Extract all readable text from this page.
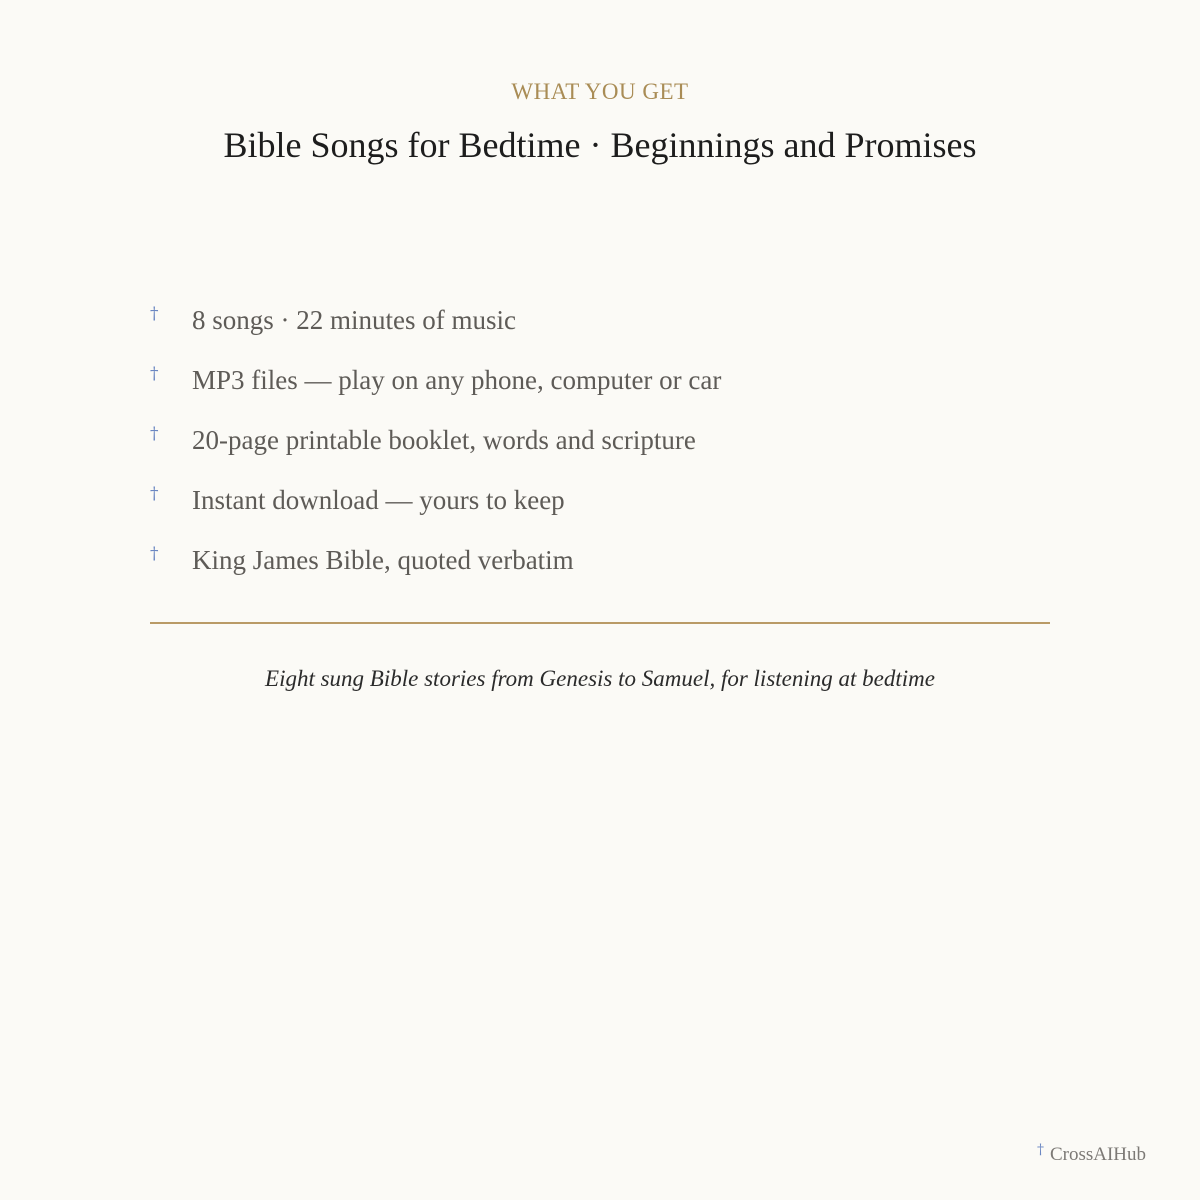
WHAT YOU GET
Bible Songs for Bedtime · Beginnings and Promises
† 8 songs · 22 minutes of music
† MP3 files — play on any phone, computer or car
† 20-page printable booklet, words and scripture
† Instant download — yours to keep
† King James Bible, quoted verbatim
Eight sung Bible stories from Genesis to Samuel, for listening at bedtime
† CrossAIHub
